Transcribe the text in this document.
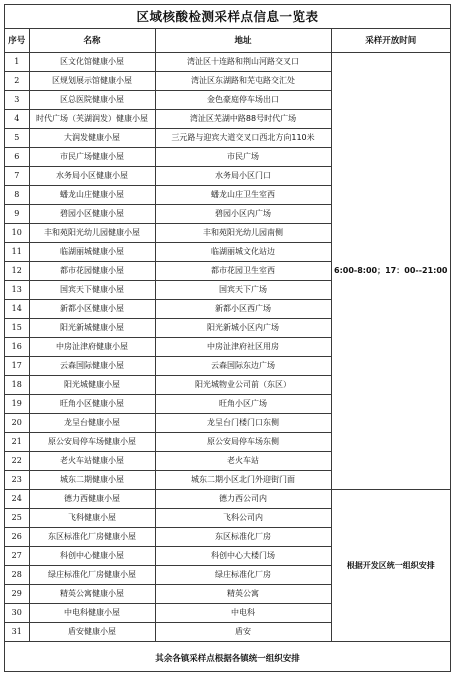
区域核酸检测采样点信息一览表
序号	名称	地址	采样开放时间
1	区文化馆健康小屋	湾沚区十连路和荆山河路交叉口	6:00-8:00；17：00--21:00
2	区规划展示馆健康小屋	湾沚区东湖路和芜屯路交汇处	
3	区总医院健康小屋	金色豪庭停车场出口	
4	时代广场（芙湖润发）健康小屋	湾沚区芜湖中路88号时代广场	
5	大润发健康小屋	三元路与迎宾大道交叉口西北方向110米	
6	市民广场健康小屋	市民广场	
7	水务局小区健康小屋	水务局小区门口	
8	蟠龙山庄健康小屋	蟠龙山庄卫生室西	
9	碧园小区健康小屋	碧园小区内广场	
10	丰和苑阳光幼儿园健康小屋	丰和苑阳光幼儿园南侧	
11	临湖丽城健康小屋	临湖丽城文化站边	
12	都市花园健康小屋	都市花园卫生室西	
13	国宾天下健康小屋	国宾天下广场	
14	新都小区健康小屋	新都小区西广场	
15	阳光新城健康小屋	阳光新城小区内广场	
16	中房沚津府健康小屋	中房沚津府社区用房	
17	云森国际健康小屋	云森国际东边广场	
18	阳光城健康小屋	阳光城物业公司前（东区）	
19	旺角小区健康小屋	旺角小区广场	
20	龙呈台健康小屋	龙呈台门楼门口东侧	
21	原公安局停车场健康小屋	原公安局停车场东侧	
22	老火车站健康小屋	老火车站	
23	城东二期健康小屋	城东二期小区北门外迎街门面	
24	德力西健康小屋	德力西公司内	根据开发区统一组织安排
25	飞科健康小屋	飞科公司内	
26	东区标准化厂房健康小屋	东区标准化厂房	
27	科创中心健康小屋	科创中心大楼门场	
28	绿庄标准化厂房健康小屋	绿庄标准化厂房	
29	精英公寓健康小屋	精英公寓	
30	中电科健康小屋	中电科	
31	盾安健康小屋	盾安	
其余各镇采样点根据各镇统一组织安排			
